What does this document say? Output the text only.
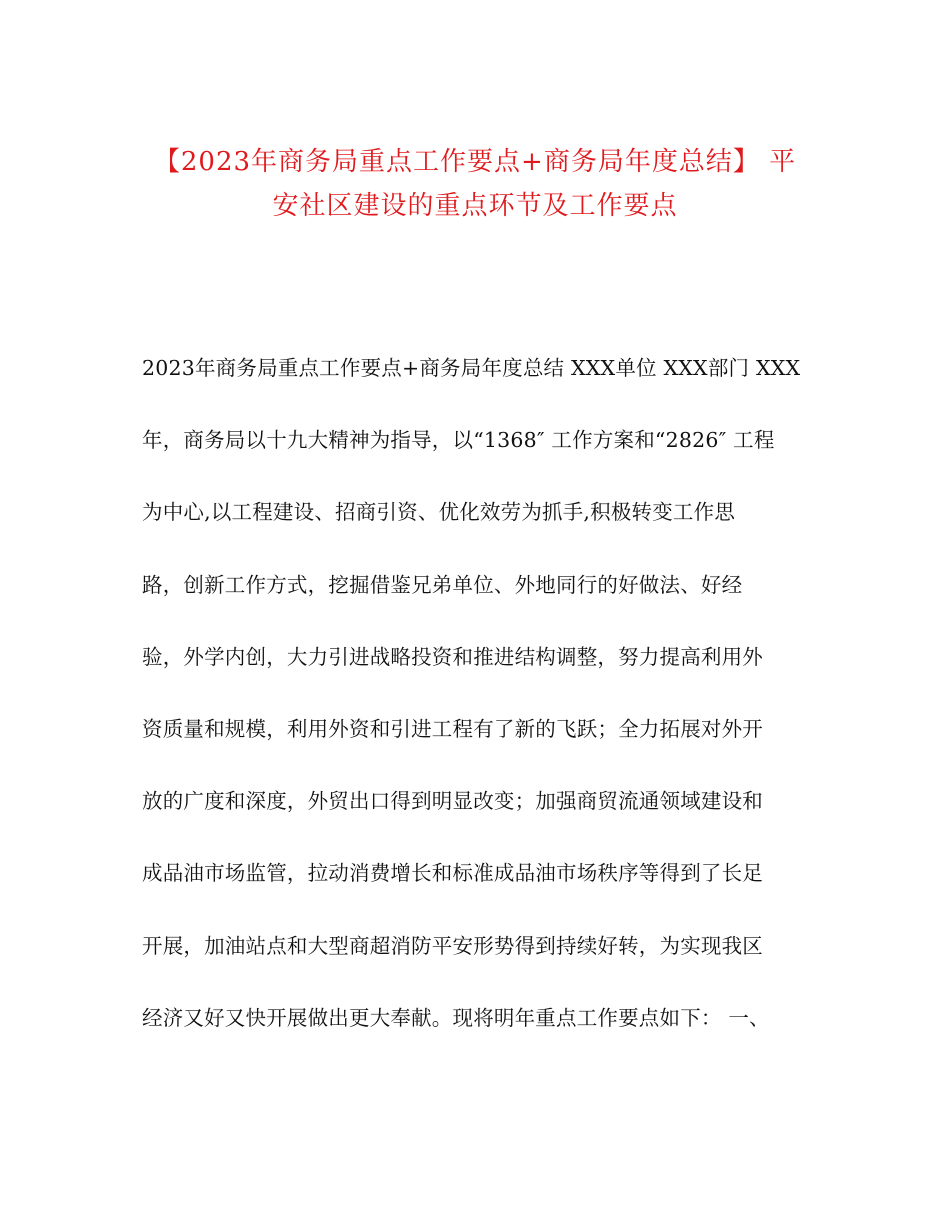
【2023年商务局重点工作要点+商务局年度总结】 平
安社区建设的重点环节及工作要点
2023年商务局重点工作要点+商务局年度总结 XXX单位 XXX部门 XXX
年，商务局以十九大精神为指导，以“1368″ 工作方案和“2826″ 工程
为中心,以工程建设、招商引资、优化效劳为抓手,积极转变工作思
路，创新工作方式，挖掘借鉴兄弟单位、外地同行的好做法、好经
验，外学内创，大力引进战略投资和推进结构调整，努力提高利用外
资质量和规模，利用外资和引进工程有了新的飞跃；全力拓展对外开
放的广度和深度，外贸出口得到明显改变；加强商贸流通领域建设和
成品油市场监管，拉动消费增长和标准成品油市场秩序等得到了长足
开展，加油站点和大型商超消防平安形势得到持续好转，为实现我区
经济又好又快开展做出更大奉献。现将明年重点工作要点如下： 一、
